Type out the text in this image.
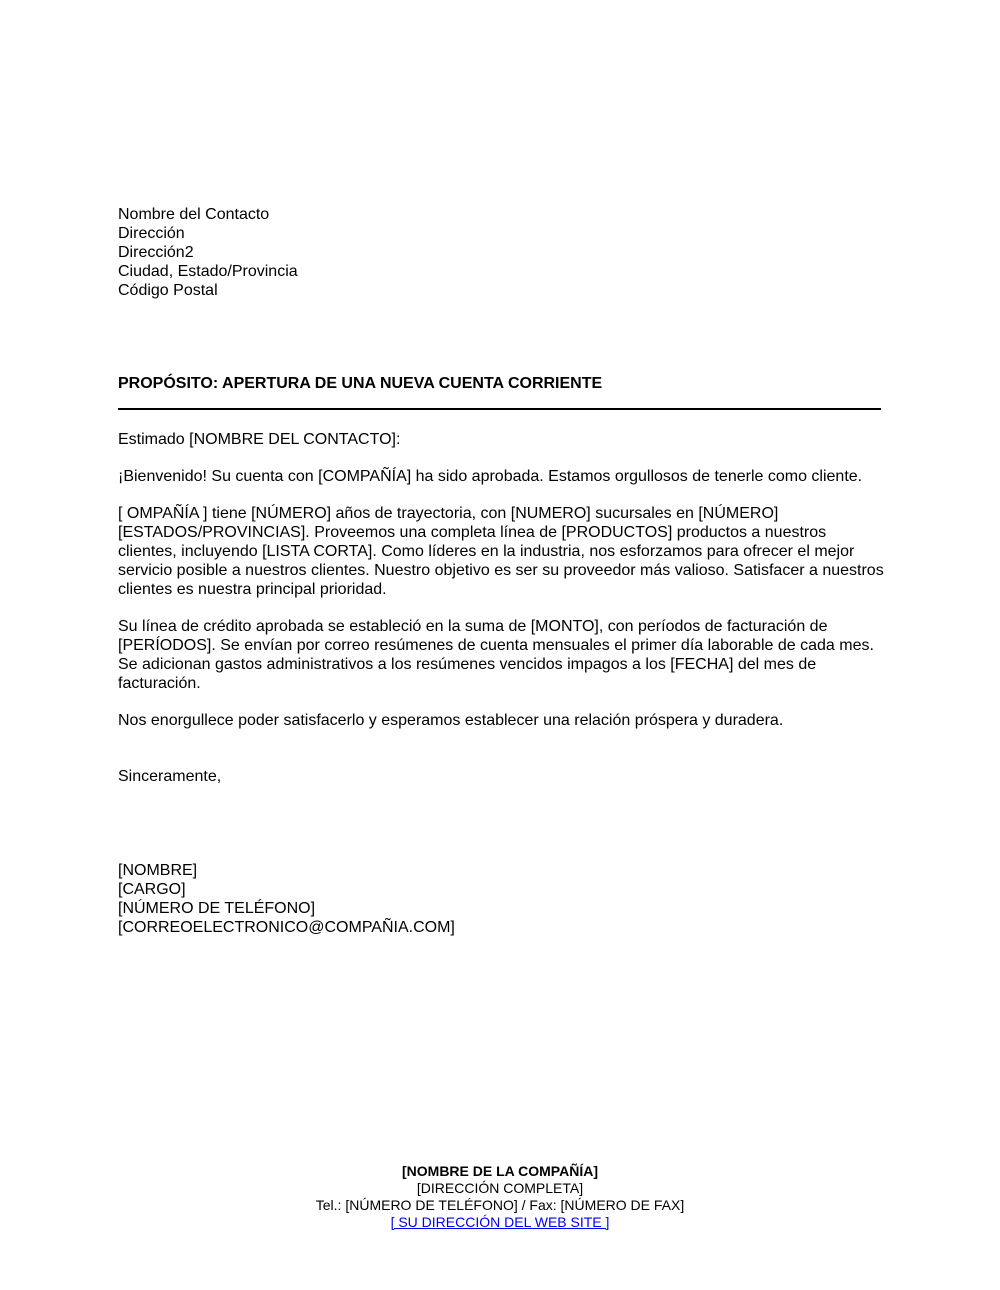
Nombre del Contacto
Dirección
Dirección2
Ciudad, Estado/Provincia
Código Postal
PROPÓSITO: APERTURA DE UNA NUEVA CUENTA CORRIENTE
Estimado [NOMBRE DEL CONTACTO]:

¡Bienvenido! Su cuenta con [COMPAÑÍA] ha sido aprobada. Estamos orgullosos de tenerle como cliente.

[ OMPAÑÍA ] tiene [NÚMERO] años de trayectoria, con [NUMERO] sucursales en [NÚMERO] [ESTADOS/PROVINCIAS]. Proveemos una completa línea de [PRODUCTOS] productos a nuestros clientes, incluyendo [LISTA CORTA]. Como líderes en la industria, nos esforzamos para ofrecer el mejor servicio posible a nuestros clientes. Nuestro objetivo es ser su proveedor más valioso. Satisfacer a nuestros clientes es nuestra principal prioridad.

Su línea de crédito aprobada se estableció en la suma de [MONTO], con períodos de facturación de [PERÍODOS]. Se envían por correo resúmenes de cuenta mensuales el primer día laborable de cada mes. Se adicionan gastos administrativos a los resúmenes vencidos impagos a los [FECHA] del mes de facturación.

Nos enorgullece poder satisfacerlo y esperamos establecer una relación próspera y duradera.

Sinceramente,
[NOMBRE]
[CARGO]
[NÚMERO DE TELÉFONO]
[CORREOELECTRONICO@COMPAÑIA.COM]
[NOMBRE DE LA COMPAÑÍA]
[DIRECCIÓN COMPLETA]
Tel.: [NÚMERO DE TELÉFONO] / Fax: [NÚMERO DE FAX]
[ SU DIRECCIÓN DEL WEB SITE ]
